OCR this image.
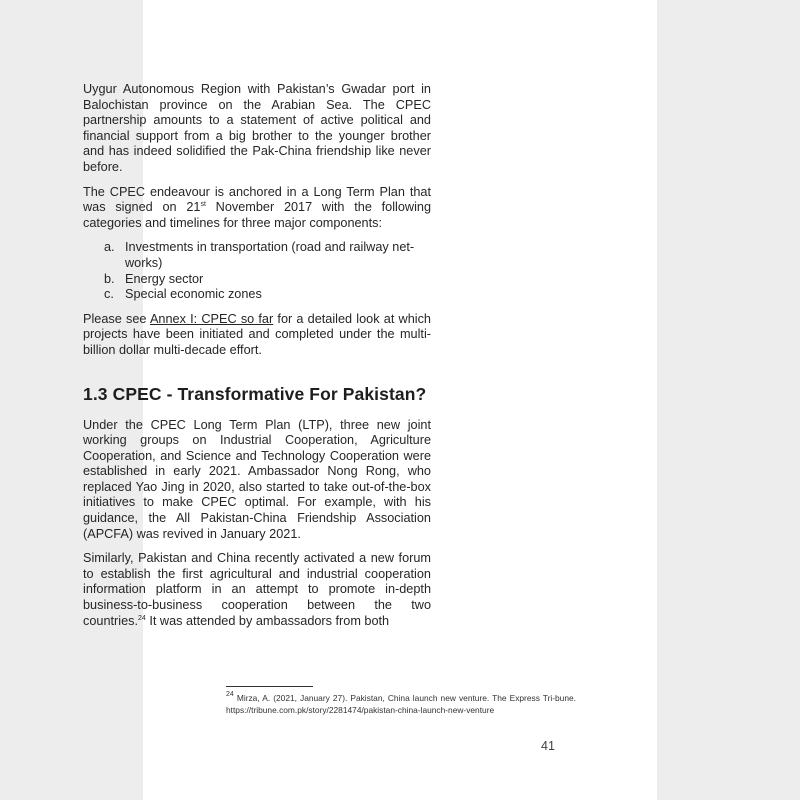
Uygur Autonomous Region with Pakistan’s Gwadar port in Balochistan province on the Arabian Sea. The CPEC partnership amounts to a statement of active political and financial support from a big brother to the younger brother and has indeed solidified the Pak-China friendship like never before.

The CPEC endeavour is anchored in a Long Term Plan that was signed on 21st November 2017 with the following categories and timelines for three major components:

a. Investments in transportation (road and railway net-works)
b. Energy sector
c. Special economic zones

Please see Annex I: CPEC so far for a detailed look at which projects have been initiated and completed under the multi-billion dollar multi-decade effort.

1.3 CPEC - Transformative For Pakistan?

Under the CPEC Long Term Plan (LTP), three new joint working groups on Industrial Cooperation, Agriculture Cooperation, and Science and Technology Cooperation were established in early 2021. Ambassador Nong Rong, who replaced Yao Jing in 2020, also started to take out-of-the-box initiatives to make CPEC optimal. For example, with his guidance, the All Pakistan-China Friendship Association (APCFA) was revived in January 2021.

Similarly, Pakistan and China recently activated a new forum to establish the first agricultural and industrial cooperation information platform in an attempt to promote in-depth business-to-business cooperation between the two countries.$^{24}$ It was attended by ambassadors from both

$^{24}$ Mirza, A. (2021, January 27). Pakistan, China launch new venture. The Express Tri-bune. https://tribune.com.pk/story/2281474/pakistan-china-launch-new-venture
41
